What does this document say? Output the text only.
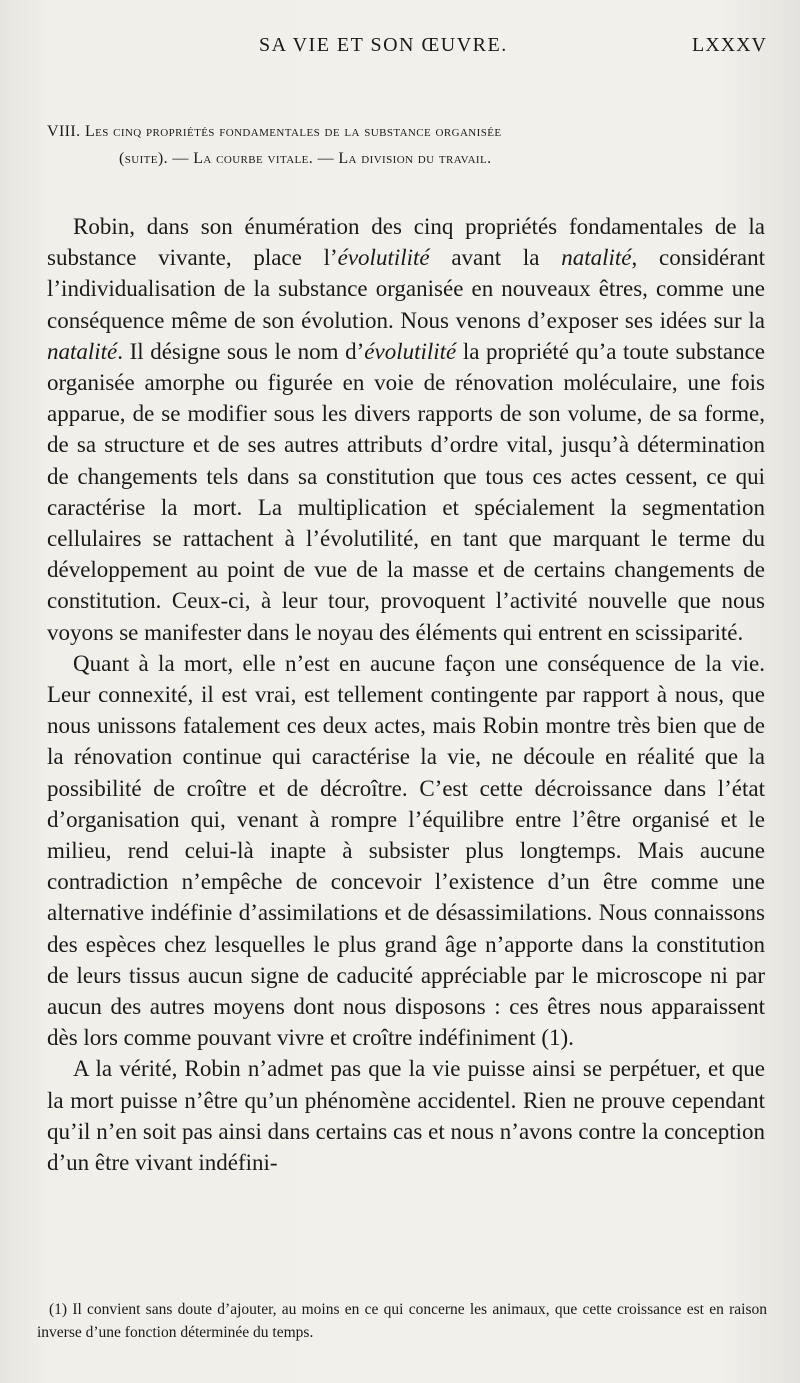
SA VIE ET SON ŒUVRE.	LXXXV
VIII. Les cinq propriétés fondamentales de la substance organisée
(suite). — La courbe vitale. — La division du travail.

Robin, dans son énumération des cinq propriétés fondamentales de la substance vivante, place l’évolutilité avant la natalité, considérant l’individualisation de la substance organisée en nouveaux êtres, comme une conséquence même de son évolution. Nous venons d’exposer ses idées sur la natalité. Il désigne sous le nom d’évolutilité la propriété qu’a toute substance organisée amorphe ou figurée en voie de rénovation moléculaire, une fois apparue, de se modifier sous les divers rapports de son volume, de sa forme, de sa structure et de ses autres attributs d’ordre vital, jusqu’à détermination de changements tels dans sa constitution que tous ces actes cessent, ce qui caractérise la mort. La multiplication et spécialement la segmentation cellulaires se rattachent à l’évolutilité, en tant que marquant le terme du développement au point de vue de la masse et de certains changements de constitution. Ceux-ci, à leur tour, provoquent l’activité nouvelle que nous voyons se manifester dans le noyau des éléments qui entrent en scissiparité.

Quant à la mort, elle n’est en aucune façon une conséquence de la vie. Leur connexité, il est vrai, est tellement contingente par rapport à nous, que nous unissons fatalement ces deux actes, mais Robin montre très bien que de la rénovation continue qui caractérise la vie, ne découle en réalité que la possibilité de croître et de décroître. C’est cette décroissance dans l’état d’organisation qui, venant à rompre l’équilibre entre l’être organisé et le milieu, rend celui-là inapte à subsister plus longtemps. Mais aucune contradiction n’empêche de concevoir l’existence d’un être comme une alternative indéfinie d’assimilations et de désassimilations. Nous connaissons des espèces chez lesquelles le plus grand âge n’apporte dans la constitution de leurs tissus aucun signe de caducité appréciable par le microscope ni par aucun des autres moyens dont nous disposons : ces êtres nous apparaissent dès lors comme pouvant vivre et croître indéfiniment (1).

A la vérité, Robin n’admet pas que la vie puisse ainsi se perpétuer, et que la mort puisse n’être qu’un phénomène accidentel. Rien ne prouve cependant qu’il n’en soit pas ainsi dans certains cas et nous n’avons contre la conception d’un être vivant indéfini-

(1) Il convient sans doute d’ajouter, au moins en ce qui concerne les animaux, que cette croissance est en raison inverse d’une fonction déterminée du temps.
